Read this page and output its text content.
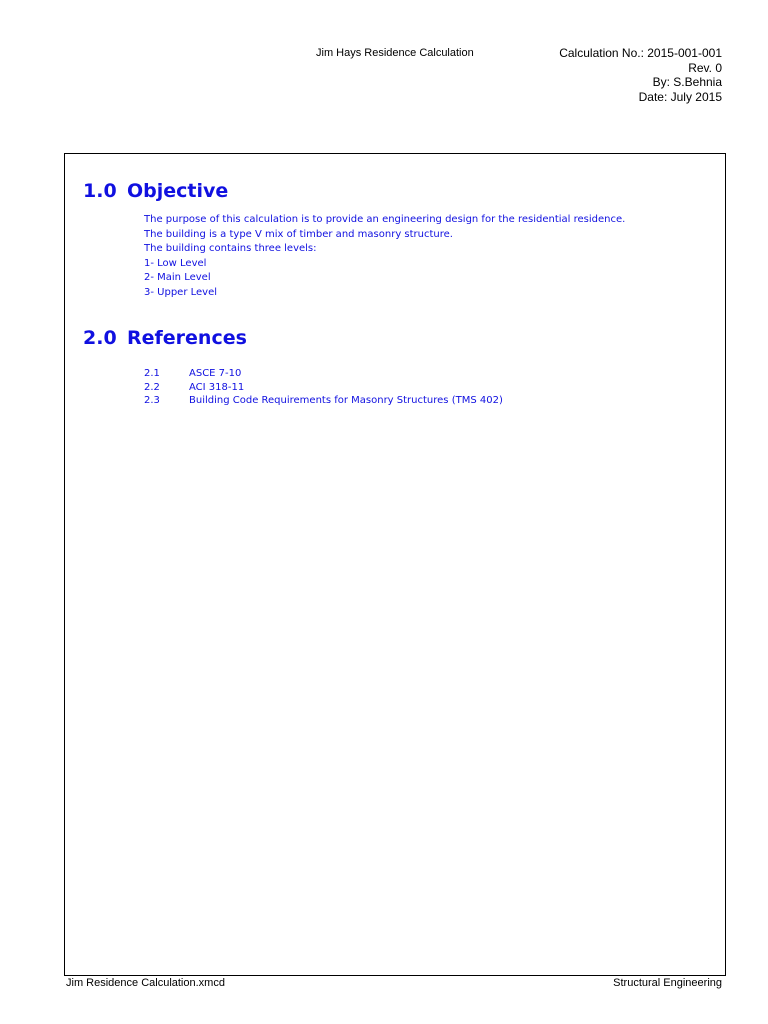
Jim Hays Residence Calculation	Calculation No.: 2015-001-001
Rev. 0
By: S.Behnia
Date: July 2015
1.0 Objective
The purpose of this calculation is to provide an engineering design for the residential residence.
The building is a type V mix of timber and masonry structure.
The building contains three levels:
1- Low Level
2- Main Level
3- Upper Level
2.0 References
2.1	ASCE 7-10
2.2	ACI 318-11
2.3	Building Code Requirements for Masonry Structures (TMS 402)
Jim Residence Calculation.xmcd	Structural Engineering
